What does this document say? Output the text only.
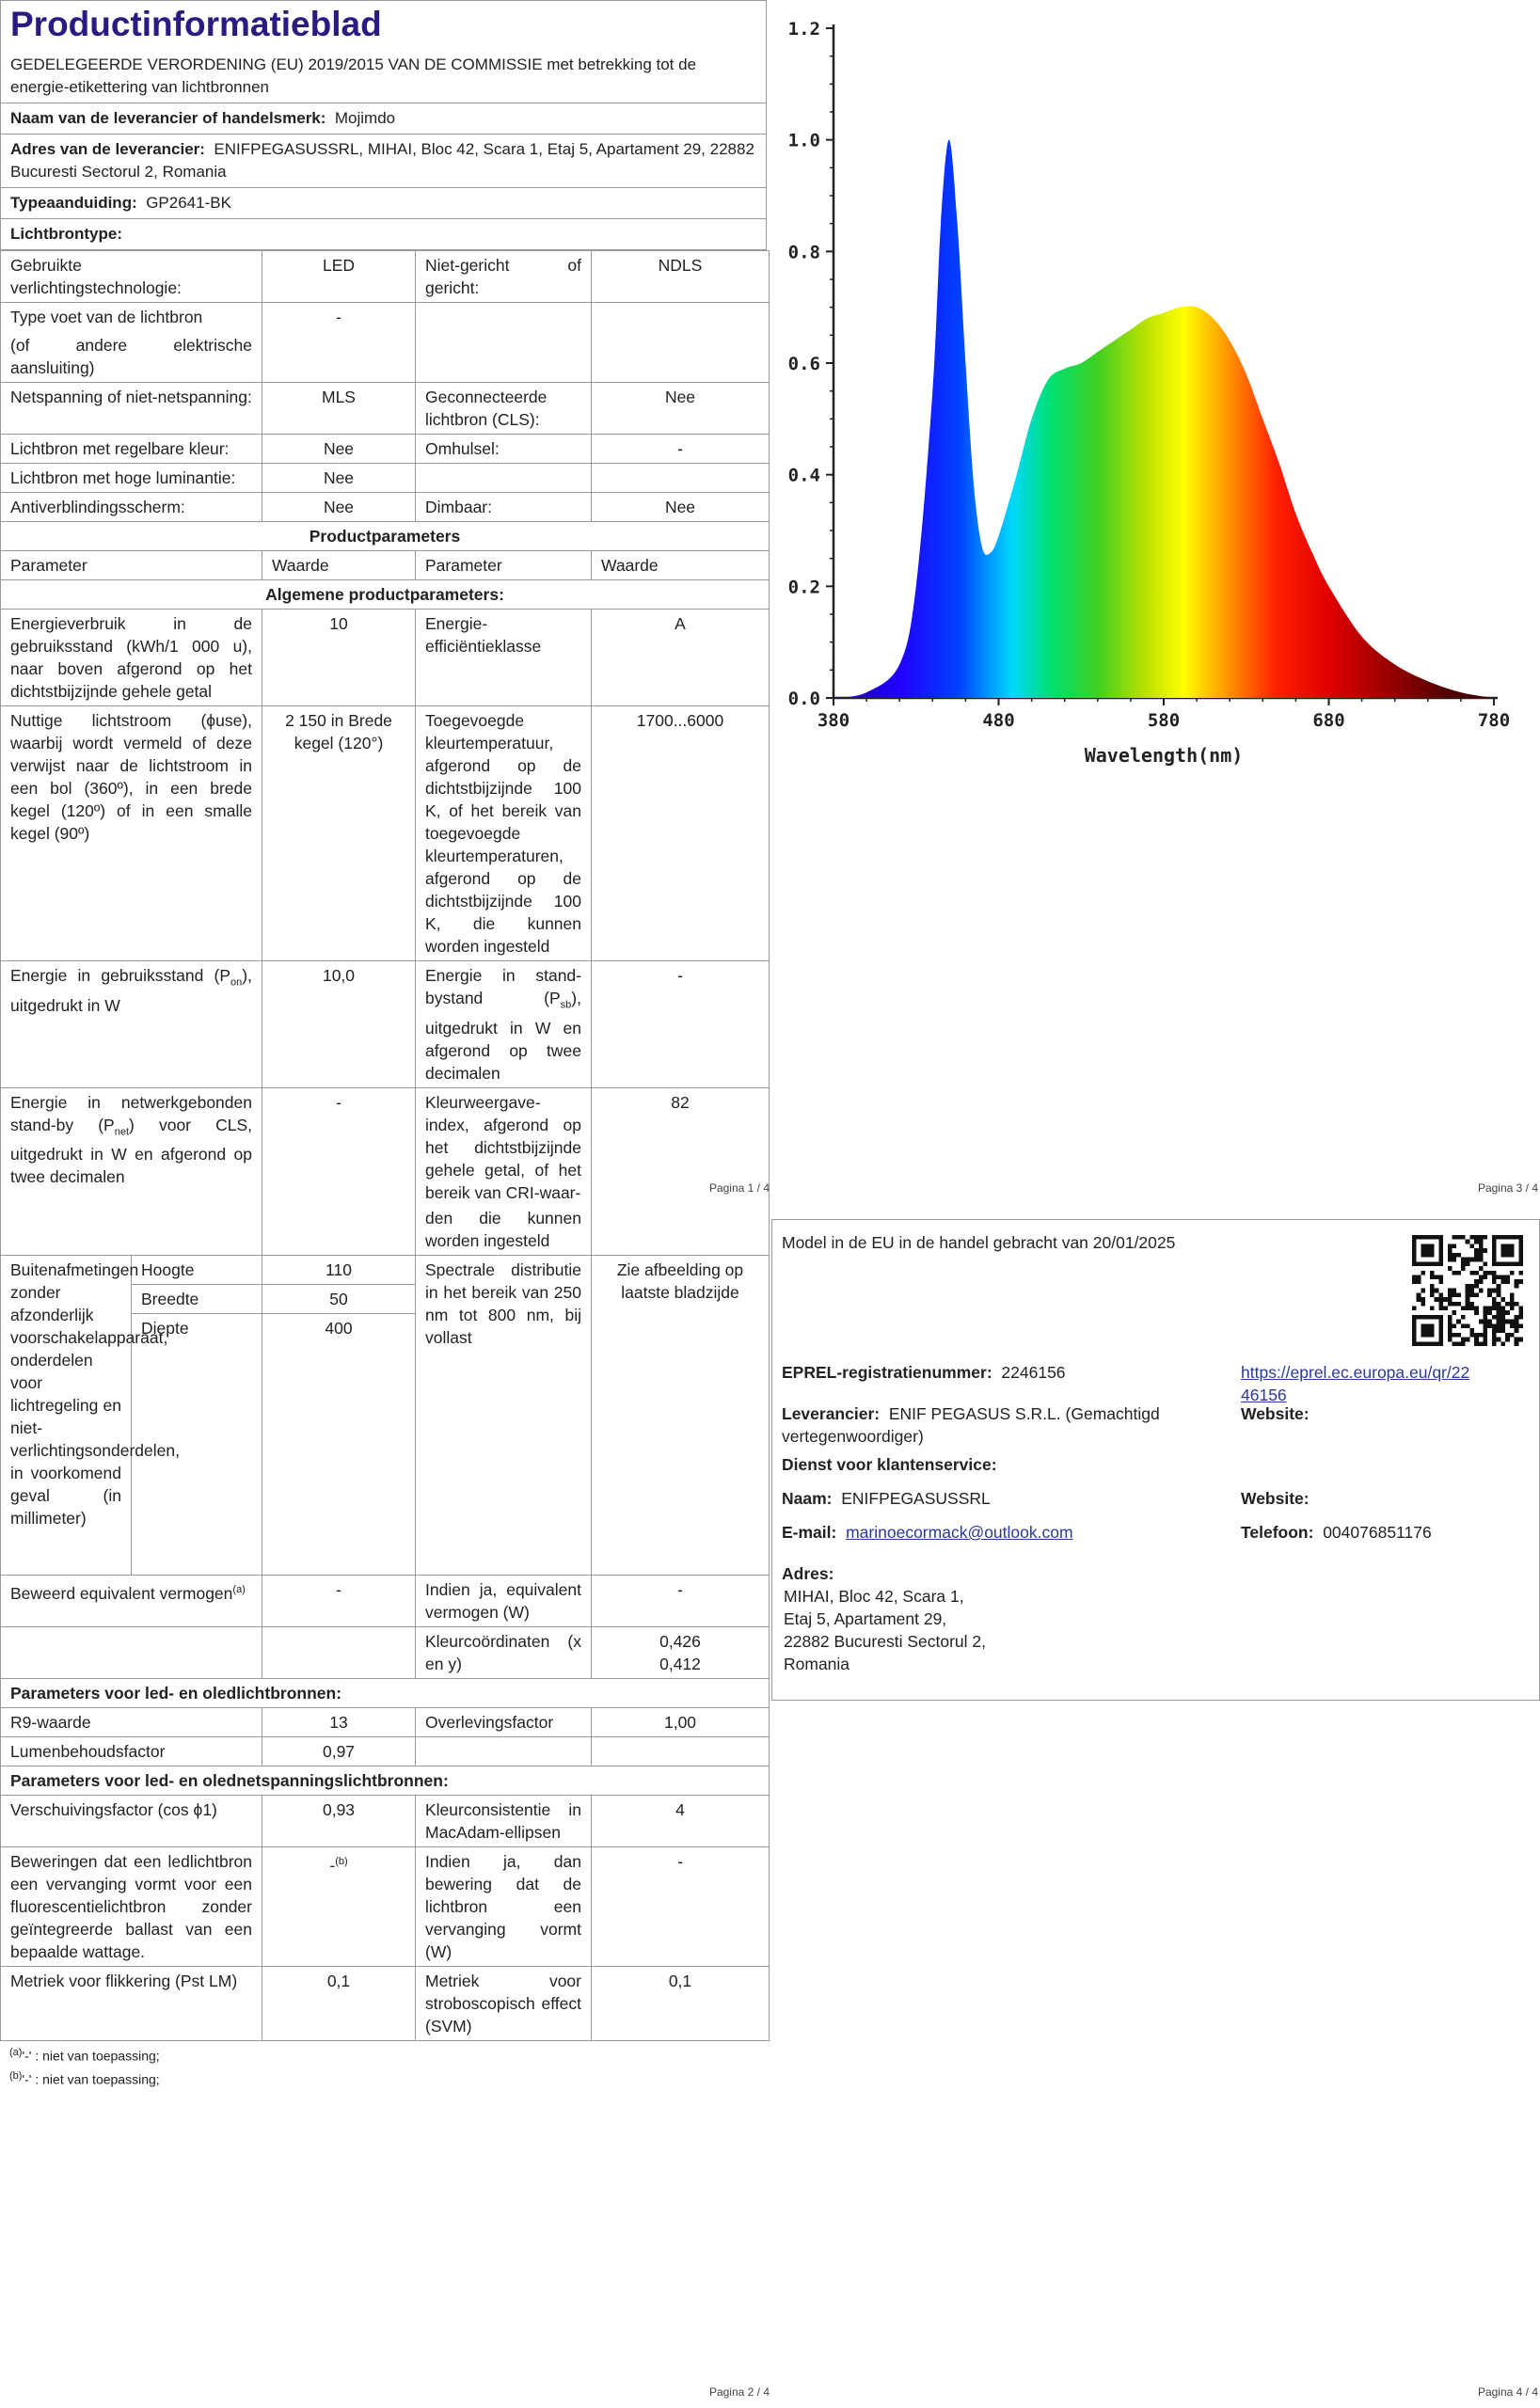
Productinformatieblad
GEDELEGEERDE VERORDENING (EU) 2019/2015 VAN DE COMMISSIE met betrekking tot de energie-etikettering van lichtbronnen
Naam van de leverancier of handelsmerk: Mojimdo
Adres van de leverancier: ENIFPEGASUSSRL, MIHAI, Bloc 42, Scara 1, Etaj 5, Apartament 29, 22882 Bucuresti Sectorul 2, Romania
Typeaanduiding: GP2641-BK
Lichtbrontype:
Gebruikte verlichtingstechnologie:	LED	Niet-gericht of gericht:	NDLS

Type voet van de lichtbron
(of andere elektrische aansluiting)	-		
Netspanning of niet-netspanning:	MLS	Geconnecteerde lichtbron (CLS):	Nee
Lichtbron met regelbare kleur:	Nee	Omhulsel:	-
Lichtbron met hoge luminantie:	Nee		
Antiverblindingsscherm:	Nee	Dimbaar:	Nee
Productparameters			
Parameter	Waarde	Parameter	Waarde
Algemene productparameters:			
Energieverbruik in de gebruiksstand (kWh/1 000 u), naar boven afgerond op het dichtstbijzijnde gehele getal	10	Energie-efficiëntieklasse	A
Nuttige lichtstroom (ϕuse), waarbij wordt vermeld of deze verwijst naar de lichtstroom in een bol (360º), in een brede kegel (120º) of in een smalle kegel (90º)	2 150 in Brede kegel (120°)	Toegevoegde kleurtemperatuur, afgerond op de dichtstbijzijnde 100 K, of het bereik van toegevoegde kleurtemperaturen, afgerond op de dichtstbijzijnde 100 K, die kunnen worden ingesteld	1700...6000
Energie in gebruiksstand $(P_{on})$, uitgedrukt in W	10,0	Energie in stand-bystand $(P_{sb})$, uitgedrukt in W en afgerond op twee decimalen	-
Energie in netwerkgebonden stand-by $(P_{net})$ voor CLS, uitgedrukt in W en afgerond op twee decimalen	-	Kleurweergave-index, afgerond op het dichtstbijzijnde gehele getal, of het bereik van CRI-waar-	82
Pagina 1 / 4
380	480	580	680	780
0.0
0.2
0.4
0.6
0.8
1.0
1.2
Wavelength(nm)
Pagina 3 / 4
			den die kunnen worden ingesteld	
Buitenafmetingen zonder afzonderlijk voorschakelapparaat, onderdelen voor lichtregeling en niet-verlichtingsonderdelen, in voorkomend geval (in millimeter)	Hoogte	110	Spectrale distributie in het bereik van 250 nm tot 800 nm, bij vollast	Zie afbeelding op laatste bladzijde
	Breedte	50		
	Diepte	400		
Beweerd equivalent vermogen$^{(a)}$		-	Indien ja, equivalent vermogen (W)	-
			Kleurcoördinaten (x en y)	0,426
0,412

Parameters voor led- en oledlichtbronnen:				
R9-waarde		13	Overlevingsfactor	1,00
Lumenbehoudsfactor		0,97		
Parameters voor led- en olednetspanningslichtbronnen:				
Verschuivingsfactor (cos ϕ1)		0,93	Kleurconsistentie in MacAdam-ellipsen	4
Beweringen dat een ledlichtbron een vervanging vormt voor een fluorescentielichtbron zonder geïntegreerde ballast van een bepaalde wattage.		-$^{(b)}$	Indien ja, dan bewering dat de lichtbron een vervanging vormt (W)	-
Metriek voor flikkering (Pst LM)		0,1	Metriek voor stroboscopisch effect (SVM)	0,1
$^{(a)}$'-' : niet van toepassing;
$^{(b)}$'-' : niet van toepassing;
Pagina 2 / 4
Model in de EU in de handel gebracht van 20/01/2025
EPREL-registratienummer: 2246156	https://eprel.ec.europa.eu/qr/22
46156
Leverancier: ENIF PEGASUS S.R.L. (Gemachtigd vertegenwoordiger)
Website:
Dienst voor klantenservice:
Naam: ENIFPEGASUSSRL	Website:
E-mail: marinoecormack@outlook.com	Telefoon: 004076851176
Adres:
MIHAI, Bloc 42, Scara 1,
Etaj 5, Apartament 29,
22882 Bucuresti Sectorul 2,
Romania
Pagina 4 / 4
